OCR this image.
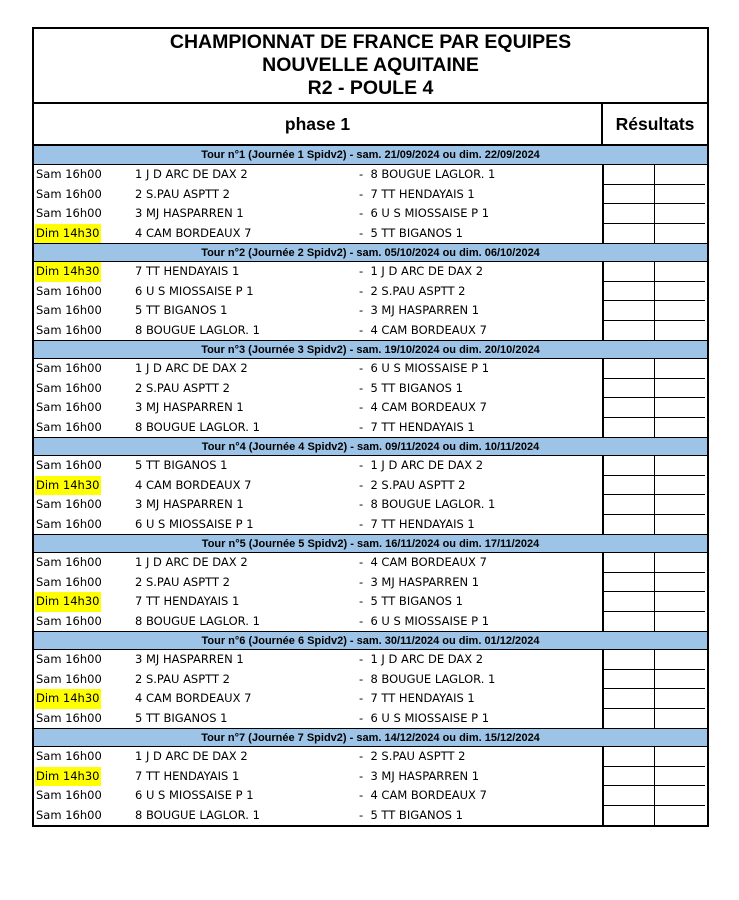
CHAMPIONNAT DE FRANCE PAR EQUIPES
NOUVELLE AQUITAINE
R2 - POULE 4
phase 1	Résultats
Tour n°1 (Journée 1 Spidv2) - sam. 21/09/2024 ou dim. 22/09/2024
Sam 16h00	1 J D ARC DE DAX 2	-  8 BOUGUE LAGLOR. 1
Sam 16h00	2 S.PAU ASPTT 2	-  7 TT HENDAYAIS 1
Sam 16h00	3 MJ HASPARREN 1	-  6 U S MIOSSAISE P 1
Dim 14h30	4 CAM BORDEAUX 7	-  5 TT BIGANOS 1
Tour n°2 (Journée 2 Spidv2) - sam. 05/10/2024 ou dim. 06/10/2024
Dim 14h30	7 TT HENDAYAIS 1	-  1 J D ARC DE DAX 2
Sam 16h00	6 U S MIOSSAISE P 1	-  2 S.PAU ASPTT 2
Sam 16h00	5 TT BIGANOS 1	-  3 MJ HASPARREN 1
Sam 16h00	8 BOUGUE LAGLOR. 1	-  4 CAM BORDEAUX 7
Tour n°3 (Journée 3 Spidv2) - sam. 19/10/2024 ou dim. 20/10/2024
Sam 16h00	1 J D ARC DE DAX 2	-  6 U S MIOSSAISE P 1
Sam 16h00	2 S.PAU ASPTT 2	-  5 TT BIGANOS 1
Sam 16h00	3 MJ HASPARREN 1	-  4 CAM BORDEAUX 7
Sam 16h00	8 BOUGUE LAGLOR. 1	-  7 TT HENDAYAIS 1
Tour n°4 (Journée 4 Spidv2) - sam. 09/11/2024 ou dim. 10/11/2024
Sam 16h00	5 TT BIGANOS 1	-  1 J D ARC DE DAX 2
Dim 14h30	4 CAM BORDEAUX 7	-  2 S.PAU ASPTT 2
Sam 16h00	3 MJ HASPARREN 1	-  8 BOUGUE LAGLOR. 1
Sam 16h00	6 U S MIOSSAISE P 1	-  7 TT HENDAYAIS 1
Tour n°5 (Journée 5 Spidv2) - sam. 16/11/2024 ou dim. 17/11/2024
Sam 16h00	1 J D ARC DE DAX 2	-  4 CAM BORDEAUX 7
Sam 16h00	2 S.PAU ASPTT 2	-  3 MJ HASPARREN 1
Dim 14h30	7 TT HENDAYAIS 1	-  5 TT BIGANOS 1
Sam 16h00	8 BOUGUE LAGLOR. 1	-  6 U S MIOSSAISE P 1
Tour n°6 (Journée 6 Spidv2) - sam. 30/11/2024 ou dim. 01/12/2024
Sam 16h00	3 MJ HASPARREN 1	-  1 J D ARC DE DAX 2
Sam 16h00	2 S.PAU ASPTT 2	-  8 BOUGUE LAGLOR. 1
Dim 14h30	4 CAM BORDEAUX 7	-  7 TT HENDAYAIS 1
Sam 16h00	5 TT BIGANOS 1	-  6 U S MIOSSAISE P 1
Tour n°7 (Journée 7 Spidv2) - sam. 14/12/2024 ou dim. 15/12/2024
Sam 16h00	1 J D ARC DE DAX 2	-  2 S.PAU ASPTT 2
Dim 14h30	7 TT HENDAYAIS 1	-  3 MJ HASPARREN 1
Sam 16h00	6 U S MIOSSAISE P 1	-  4 CAM BORDEAUX 7
Sam 16h00	8 BOUGUE LAGLOR. 1	-  5 TT BIGANOS 1
